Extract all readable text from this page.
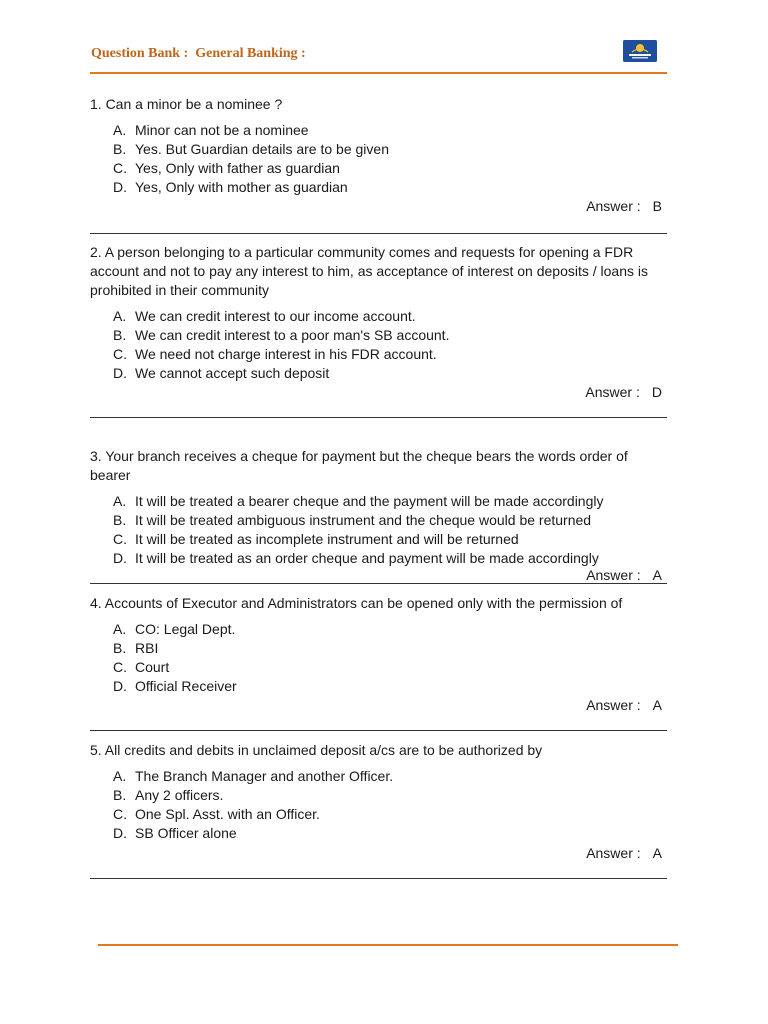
Question Bank :  General Banking :

1. Can a minor be a nominee ?

A. Minor can not be a nominee
B. Yes. But Guardian details are to be given
C. Yes, Only with father as guardian
D. Yes, Only with mother as guardian
Answer : B

2. A person belonging to a particular community comes and requests for opening a FDR account and not to pay any interest to him, as acceptance of interest on deposits / loans is prohibited in their community

A. We can credit interest to our income account.
B. We can credit interest to a poor man's SB account.
C. We need not charge interest in his FDR account.
D. We cannot accept such deposit
Answer : D

3. Your branch receives a cheque for payment but the cheque bears the words order of bearer

A. It will be treated a bearer cheque and the payment will be made accordingly
B. It will be treated ambiguous instrument and the cheque would be returned
C. It will be treated as incomplete instrument and will be returned
D. It will be treated as an order cheque and payment will be made accordingly
Answer : A

4. Accounts of Executor and Administrators can be opened only with the permission of

A. CO: Legal Dept.
B. RBI
C. Court
D. Official Receiver
Answer : A

5. All credits and debits in unclaimed deposit a/cs are to be authorized by

A. The Branch Manager and another Officer.
B. Any 2 officers.
C. One Spl. Asst. with an Officer.
D. SB Officer alone
Answer : A
